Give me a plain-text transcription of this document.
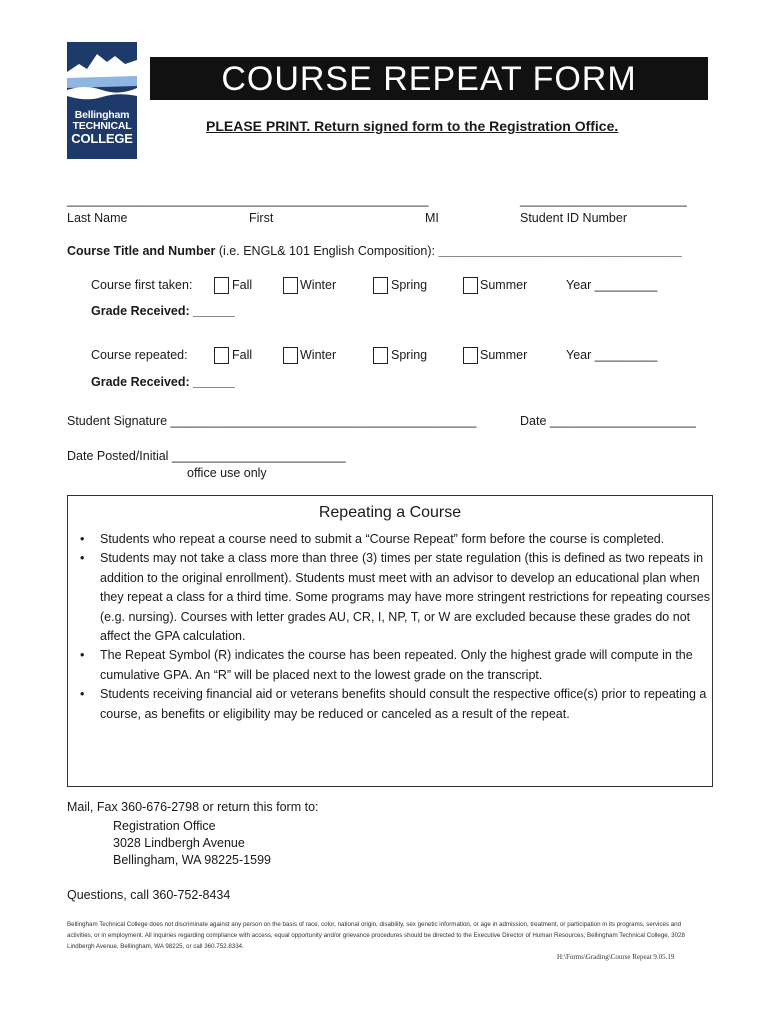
Bellingham
TECHNICAL
COLLEGE
COURSE REPEAT FORM
PLEASE PRINT. Return signed form to the Registration Office.
____________________________________________________	________________________
Last Name	First	MI	Student ID Number
Course Title and Number (i.e. ENGL& 101 English Composition): ___________________________________
Course first taken:	Fall	Winter	Spring	Summer	Year _________
Grade Received: ______
Course repeated:	Fall	Winter	Spring	Summer	Year _________
Grade Received: ______
Student Signature ____________________________________________	Date _____________________
Date Posted/Initial _________________________
office use only
Repeating a Course
• Students who repeat a course need to submit a “Course Repeat” form before the course is completed.
• Students may not take a class more than three (3) times per state regulation (this is defined as two repeats in addition to the original enrollment). Students must meet with an advisor to develop an educational plan when they repeat a class for a third time. Some programs may have more stringent restrictions for repeating courses (e.g. nursing). Courses with letter grades AU, CR, I, NP, T, or W are excluded because these grades do not affect the GPA calculation.
• The Repeat Symbol (R) indicates the course has been repeated. Only the highest grade will compute in the cumulative GPA. An “R” will be placed next to the lowest grade on the transcript.
• Students receiving financial aid or veterans benefits should consult the respective office(s) prior to repeating a course, as benefits or eligibility may be reduced or canceled as a result of the repeat.
Mail, Fax 360-676-2798 or return this form to:
Registration Office
3028 Lindbergh Avenue
Bellingham, WA 98225-1599
Questions, call 360-752-8434
Bellingham Technical College does not discriminate against any person on the basis of race, color, national origin, disability, sex genetic information, or age in admission, treatment, or participation in its programs, services and activities, or in employment. All inquiries regarding compliance with access, equal opportunity and/or grievance procedures should be directed to the Executive Director of Human Resources, Bellingham Technical College, 3028 Lindbergh Avenue, Bellingham, WA 98225, or call 360.752.8334.
H:\Forms\Grading\Course Repeat 9.05.19
